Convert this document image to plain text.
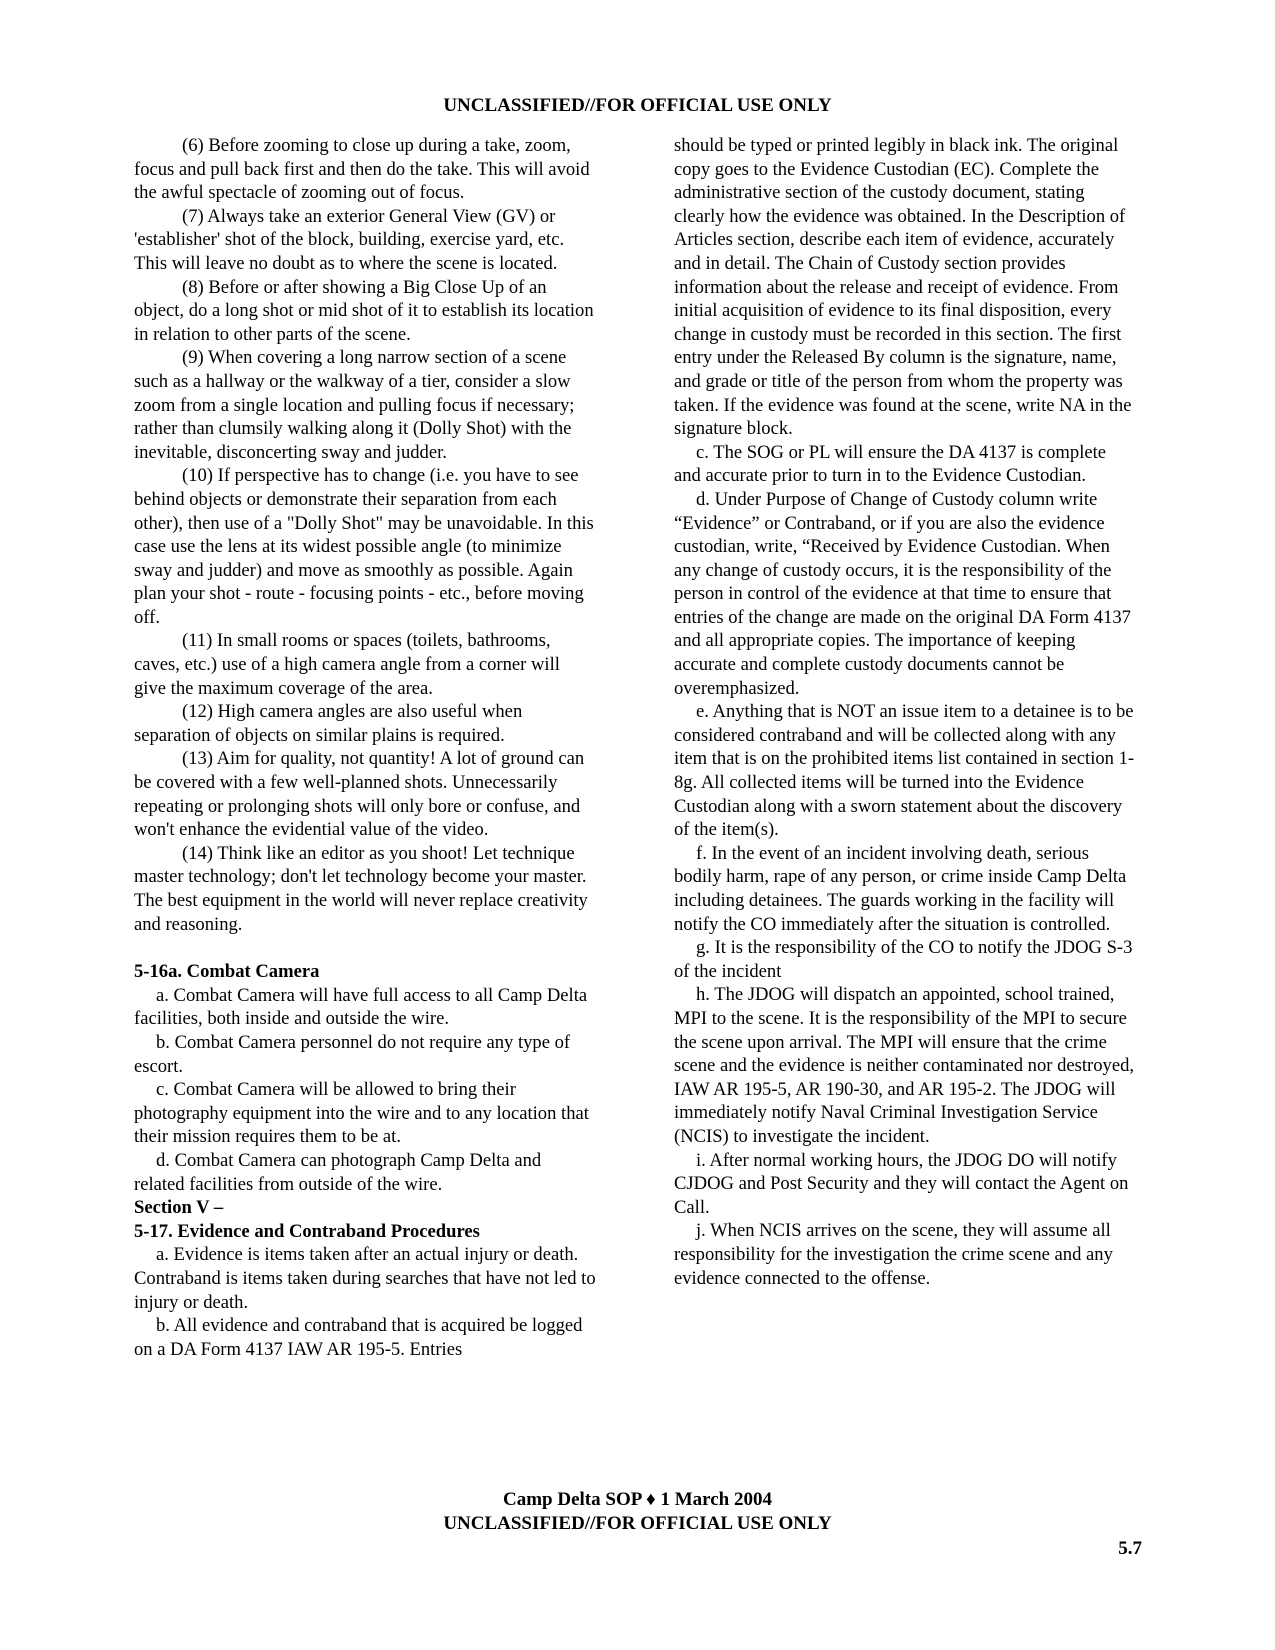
UNCLASSIFIED//FOR OFFICIAL USE ONLY

(6) Before zooming to close up during a take, zoom, focus and pull back first and then do the take. This will avoid the awful spectacle of zooming out of focus.

(7) Always take an exterior General View (GV) or 'establisher' shot of the block, building, exercise yard, etc. This will leave no doubt as to where the scene is located.

(8) Before or after showing a Big Close Up of an object, do a long shot or mid shot of it to establish its location in relation to other parts of the scene.

(9) When covering a long narrow section of a scene such as a hallway or the walkway of a tier, consider a slow zoom from a single location and pulling focus if necessary; rather than clumsily walking along it (Dolly Shot) with the inevitable, disconcerting sway and judder.

(10) If perspective has to change (i.e. you have to see behind objects or demonstrate their separation from each other), then use of a "Dolly Shot" may be unavoidable. In this case use the lens at its widest possible angle (to minimize sway and judder) and move as smoothly as possible. Again plan your shot - route - focusing points - etc., before moving off.

(11) In small rooms or spaces (toilets, bathrooms, caves, etc.) use of a high camera angle from a corner will give the maximum coverage of the area.

(12) High camera angles are also useful when separation of objects on similar plains is required.

(13) Aim for quality, not quantity! A lot of ground can be covered with a few well-planned shots. Unnecessarily repeating or prolonging shots will only bore or confuse, and won't enhance the evidential value of the video.

(14) Think like an editor as you shoot! Let technique master technology; don't let technology become your master. The best equipment in the world will never replace creativity and reasoning.

5-16a. Combat Camera

a. Combat Camera will have full access to all Camp Delta facilities, both inside and outside the wire.

b. Combat Camera personnel do not require any type of escort.

c. Combat Camera will be allowed to bring their photography equipment into the wire and to any location that their mission requires them to be at.

d. Combat Camera can photograph Camp Delta and related facilities from outside of the wire.

Section V –

5-17. Evidence and Contraband Procedures

a. Evidence is items taken after an actual injury or death. Contraband is items taken during searches that have not led to injury or death.

b. All evidence and contraband that is acquired be logged on a DA Form 4137 IAW AR 195-5. Entries

should be typed or printed legibly in black ink. The original copy goes to the Evidence Custodian (EC). Complete the administrative section of the custody document, stating clearly how the evidence was obtained. In the Description of Articles section, describe each item of evidence, accurately and in detail. The Chain of Custody section provides information about the release and receipt of evidence. From initial acquisition of evidence to its final disposition, every change in custody must be recorded in this section. The first entry under the Released By column is the signature, name, and grade or title of the person from whom the property was taken. If the evidence was found at the scene, write NA in the signature block.

c. The SOG or PL will ensure the DA 4137 is complete and accurate prior to turn in to the Evidence Custodian.

d. Under Purpose of Change of Custody column write “Evidence” or Contraband, or if you are also the evidence custodian, write, “Received by Evidence Custodian. When any change of custody occurs, it is the responsibility of the person in control of the evidence at that time to ensure that entries of the change are made on the original DA Form 4137 and all appropriate copies. The importance of keeping accurate and complete custody documents cannot be overemphasized.

e. Anything that is NOT an issue item to a detainee is to be considered contraband and will be collected along with any item that is on the prohibited items list contained in section 1-8g. All collected items will be turned into the Evidence Custodian along with a sworn statement about the discovery of the item(s).

f. In the event of an incident involving death, serious bodily harm, rape of any person, or crime inside Camp Delta including detainees. The guards working in the facility will notify the CO immediately after the situation is controlled.

g. It is the responsibility of the CO to notify the JDOG S-3 of the incident

h. The JDOG will dispatch an appointed, school trained, MPI to the scene. It is the responsibility of the MPI to secure the scene upon arrival. The MPI will ensure that the crime scene and the evidence is neither contaminated nor destroyed, IAW AR 195-5, AR 190-30, and AR 195-2. The JDOG will immediately notify Naval Criminal Investigation Service (NCIS) to investigate the incident.

i. After normal working hours, the JDOG DO will notify CJDOG and Post Security and they will contact the Agent on Call.

j. When NCIS arrives on the scene, they will assume all responsibility for the investigation the crime scene and any evidence connected to the offense.

Camp Delta SOP ♦ 1 March 2004
UNCLASSIFIED//FOR OFFICIAL USE ONLY
5.7
